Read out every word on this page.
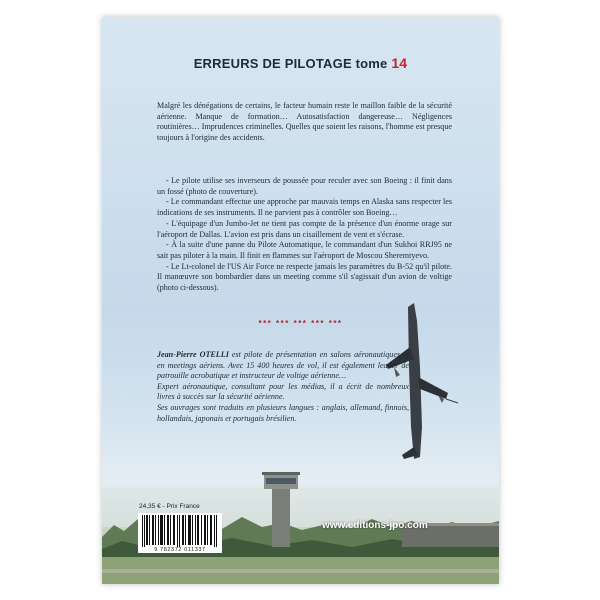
ERREURS DE PILOTAGE tome 14
Malgré les dénégations de certains, le facteur humain reste le maillon faible de la sécurité aérienne. Manque de formation… Autosatisfaction dangereuse… Négligences routinières… Imprudences criminelles. Quelles que soient les raisons, l'homme est presque toujours à l'origine des accidents.

- Le pilote utilise ses inverseurs de poussée pour reculer avec son Boeing : il finit dans un fossé (photo de couverture).

- Le commandant effectue une approche par mauvais temps en Alaska sans respecter les indications de ses instruments. Il ne parvient pas à contrôler son Boeing…

- L'équipage d'un Jumbo-Jet ne tient pas compte de la présence d'un énorme orage sur l'aéroport de Dallas. L'avion est pris dans un cisaillement de vent et s'écrase.

- À la suite d'une panne du Pilote Automatique, le commandant d'un Sukhoi RRJ95 ne sait pas piloter à la main. Il finit en flammes sur l'aéroport de Moscou Sheremtyevo.

- Le Lt-colonel de l'US Air Force ne respecte jamais les paramètres du B-52 qu'il pilote. Il manœuvre son bombardier dans un meeting comme s'il s'agissait d'un avion de voltige (photo ci-dessous).

*** *** *** *** ***

Jean-Pierre OTELLI est pilote de présentation en salons aéronautiques et en meetings aériens. Avec 15 400 heures de vol, il est également leader de patrouille acrobatique et instructeur de voltige aérienne…

Expert aéronautique, consultant pour les médias, il a écrit de nombreux livres à succès sur la sécurité aérienne.

Ses ouvrages sont traduits en plusieurs langues : anglais, allemand, finnois, hollandais, japonais et portugais brésilien.

24,35 € - Prix France
9 782372 011337
www.editions-jpo.com
